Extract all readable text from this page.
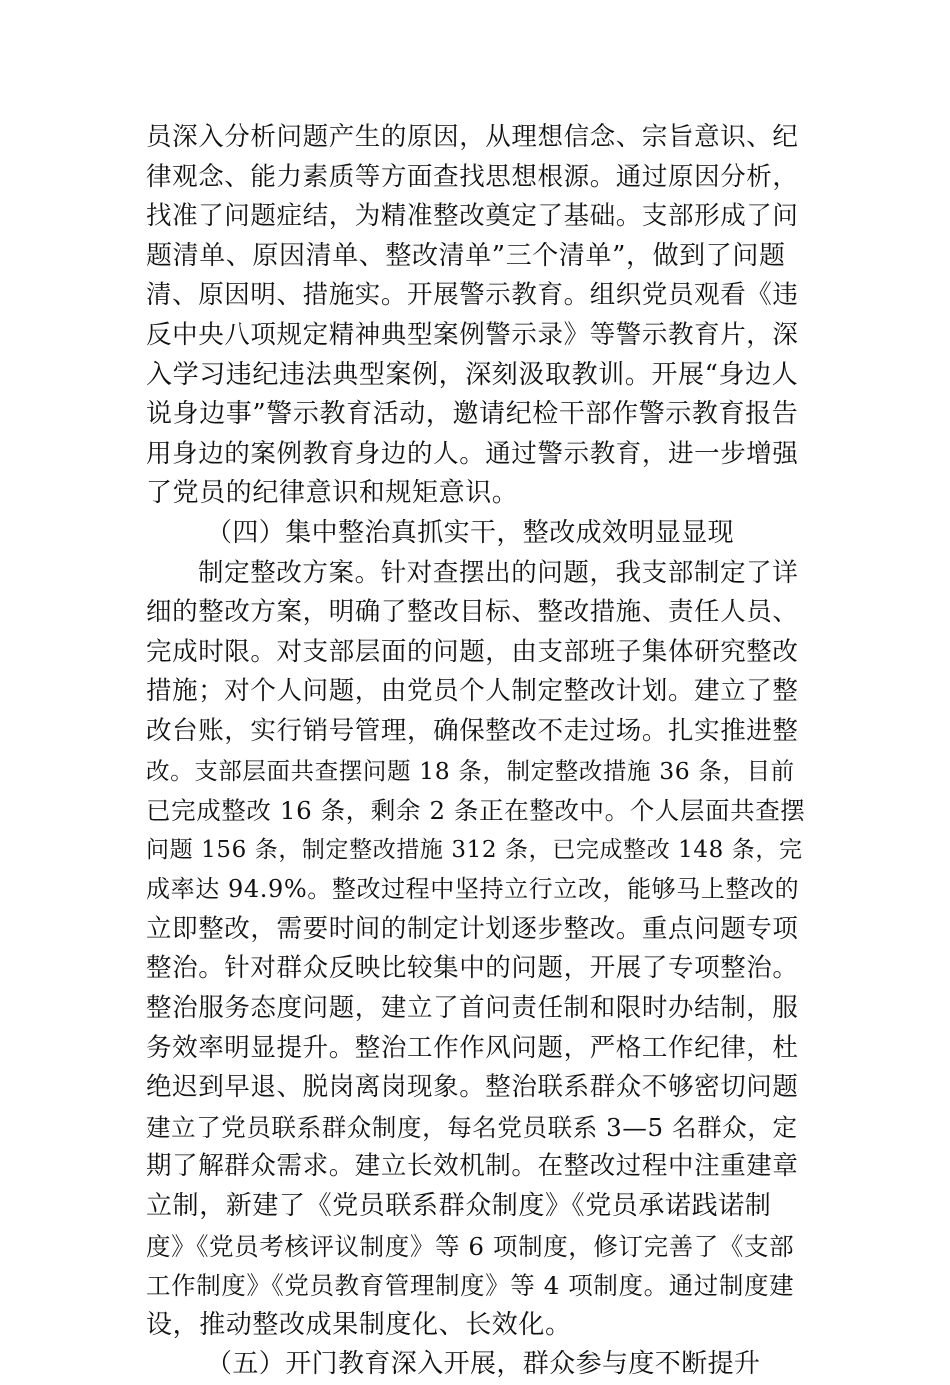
员深入分析问题产生的原因，从理想信念、宗旨意识、纪
律观念、能力素质等方面查找思想根源。通过原因分析，
找准了问题症结，为精准整改奠定了基础。支部形成了问
题清单、原因清单、整改清单”三个清单”，做到了问题
清、原因明、措施实。开展警示教育。组织党员观看《违
反中央八项规定精神典型案例警示录》等警示教育片，深
入学习违纪违法典型案例，深刻汲取教训。开展“身边人
说身边事”警示教育活动，邀请纪检干部作警示教育报告
用身边的案例教育身边的人。通过警示教育，进一步增强
了党员的纪律意识和规矩意识。
（四）集中整治真抓实干，整改成效明显显现
制定整改方案。针对查摆出的问题，我支部制定了详
细的整改方案，明确了整改目标、整改措施、责任人员、
完成时限。对支部层面的问题，由支部班子集体研究整改
措施；对个人问题，由党员个人制定整改计划。建立了整
改台账，实行销号管理，确保整改不走过场。扎实推进整
改。支部层面共查摆问题 18 条，制定整改措施 36 条，目前
已完成整改 16 条，剩余 2 条正在整改中。个人层面共查摆
问题 156 条，制定整改措施 312 条，已完成整改 148 条，完
成率达 94.9%。整改过程中坚持立行立改，能够马上整改的
立即整改，需要时间的制定计划逐步整改。重点问题专项
整治。针对群众反映比较集中的问题，开展了专项整治。
整治服务态度问题，建立了首问责任制和限时办结制，服
务效率明显提升。整治工作作风问题，严格工作纪律，杜
绝迟到早退、脱岗离岗现象。整治联系群众不够密切问题
建立了党员联系群众制度，每名党员联系 3—5 名群众，定
期了解群众需求。建立长效机制。在整改过程中注重建章
立制，新建了《党员联系群众制度》《党员承诺践诺制
度》《党员考核评议制度》等 6 项制度，修订完善了《支部
工作制度》《党员教育管理制度》等 4 项制度。通过制度建
设，推动整改成果制度化、长效化。
（五）开门教育深入开展，群众参与度不断提升
